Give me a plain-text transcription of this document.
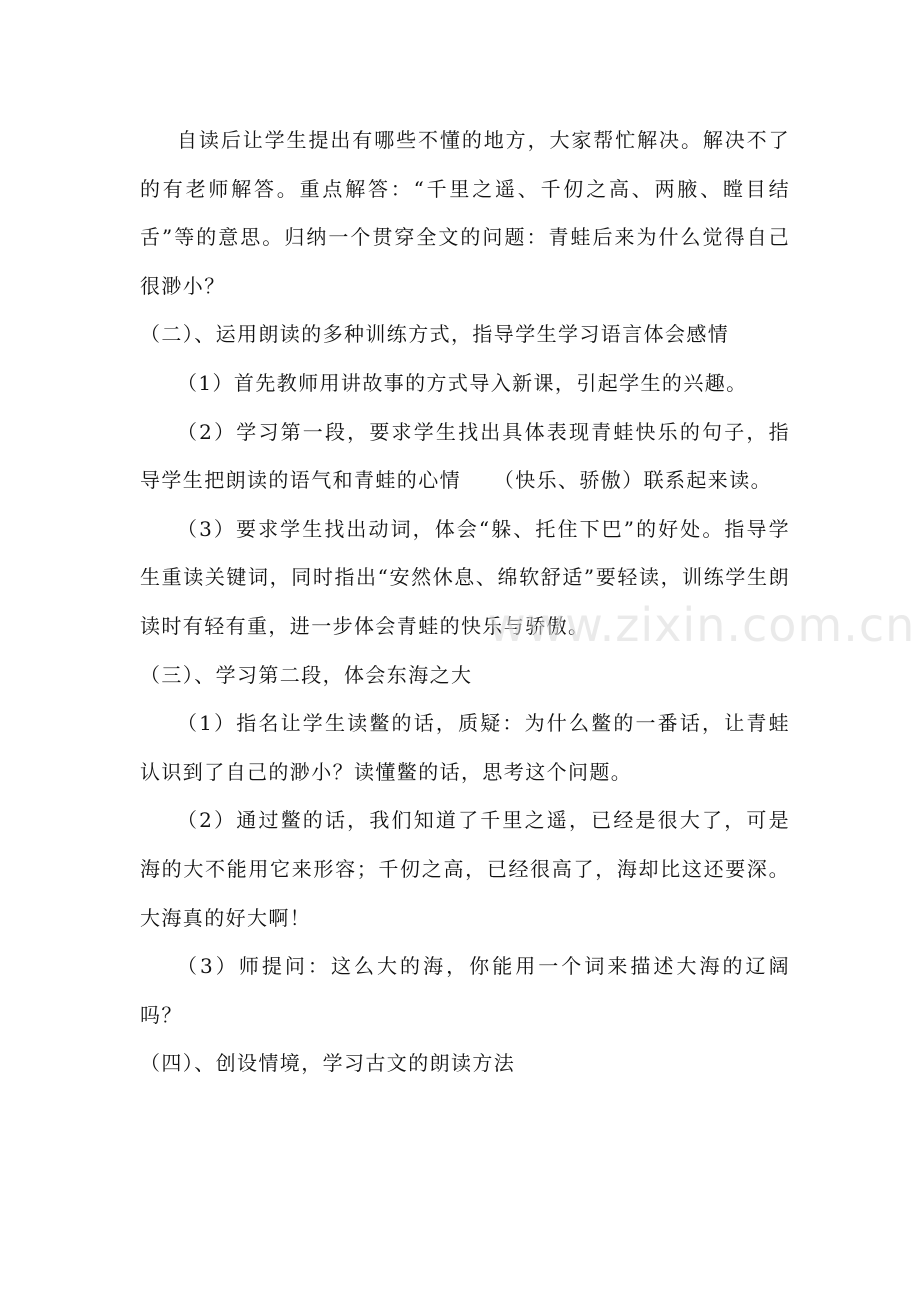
自读后让学生提出有哪些不懂的地方，大家帮忙解决。解决不了的有老师解答。重点解答：“千里之遥、千仞之高、两腋、瞠目结舌”等的意思。归纳一个贯穿全文的问题：青蛙后来为什么觉得自己很渺小？

（二）、运用朗读的多种训练方式，指导学生学习语言体会感情

（1）首先教师用讲故事的方式导入新课，引起学生的兴趣。

（2）学习第一段，要求学生找出具体表现青蛙快乐的句子，指导学生把朗读的语气和青蛙的心情　　（快乐、骄傲）联系起来读。

（3）要求学生找出动词，体会“躲、托住下巴”的好处。指导学生重读关键词，同时指出“安然休息、绵软舒适”要轻读，训练学生朗读时有轻有重，进一步体会青蛙的快乐与骄傲。

（三）、学习第二段，体会东海之大

（1）指名让学生读鳖的话，质疑：为什么鳖的一番话，让青蛙认识到了自己的渺小？读懂鳖的话，思考这个问题。

（2）通过鳖的话，我们知道了千里之遥，已经是很大了，可是海的大不能用它来形容；千仞之高，已经很高了，海却比这还要深。大海真的好大啊！

（3）师提问：这么大的海，你能用一个词来描述大海的辽阔吗？

（四）、创设情境，学习古文的朗读方法

www.zixin.com.cn
